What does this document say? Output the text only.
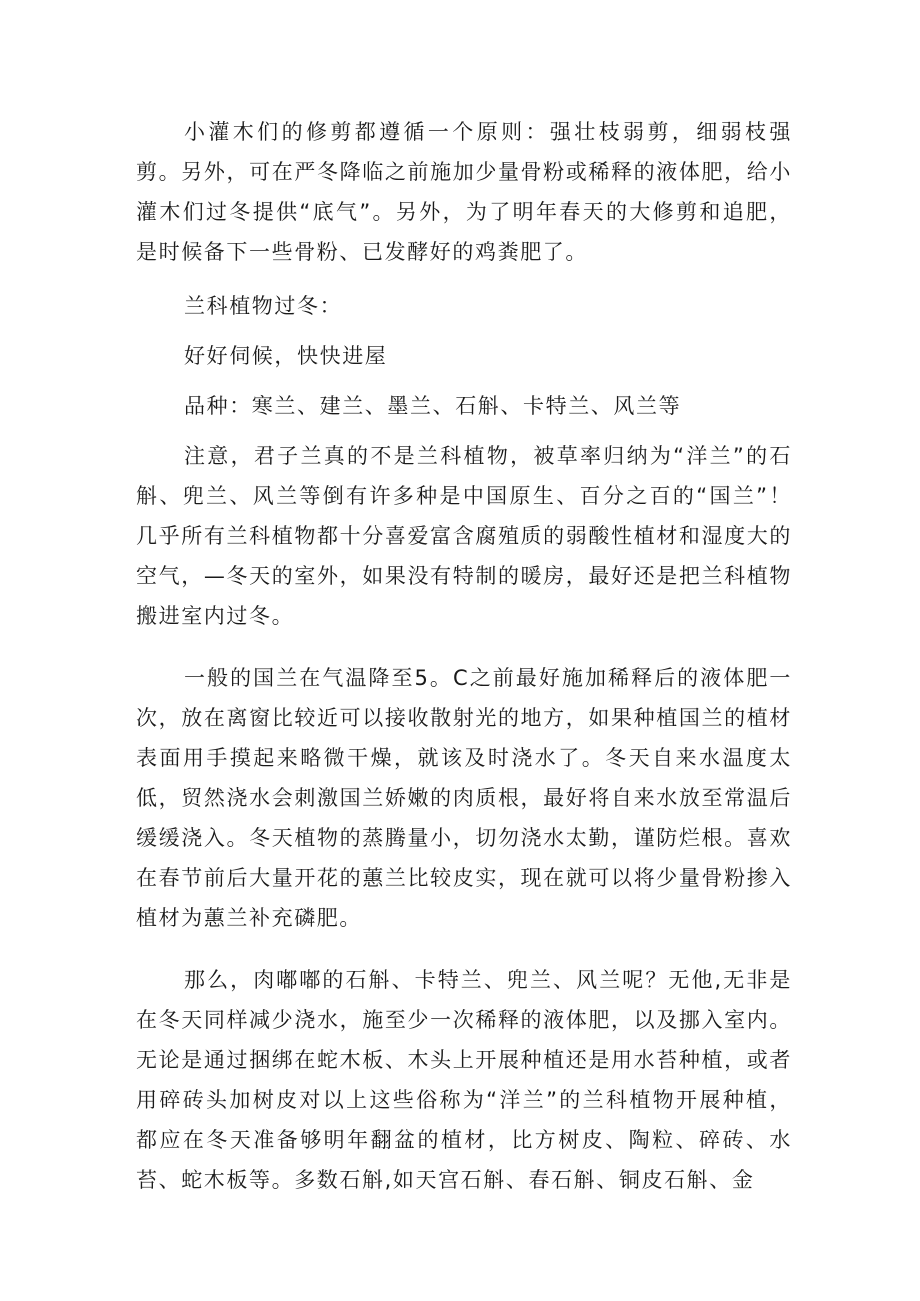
小灌木们的修剪都遵循一个原则：强壮枝弱剪，细弱枝强剪。另外，可在严冬降临之前施加少量骨粉或稀释的液体肥，给小灌木们过冬提供“底气”。另外，为了明年春天的大修剪和追肥，是时候备下一些骨粉、已发酵好的鸡粪肥了。

兰科植物过冬：

好好伺候，快快进屋

品种：寒兰、建兰、墨兰、石斛、卡特兰、风兰等

注意，君子兰真的不是兰科植物，被草率归纳为“洋兰”的石斛、兜兰、风兰等倒有许多种是中国原生、百分之百的“国兰”！几乎所有兰科植物都十分喜爱富含腐殖质的弱酸性植材和湿度大的空气，—冬天的室外，如果没有特制的暖房，最好还是把兰科植物搬进室内过冬。

一般的国兰在气温降至5。C之前最好施加稀释后的液体肥一次，放在离窗比较近可以接收散射光的地方，如果种植国兰的植材表面用手摸起来略微干燥，就该及时浇水了。冬天自来水温度太低，贸然浇水会刺激国兰娇嫩的肉质根，最好将自来水放至常温后缓缓浇入。冬天植物的蒸腾量小，切勿浇水太勤，谨防烂根。喜欢在春节前后大量开花的蕙兰比较皮实，现在就可以将少量骨粉掺入植材为蕙兰补充磷肥。

那么，肉嘟嘟的石斛、卡特兰、兜兰、风兰呢？无他,无非是在冬天同样减少浇水，施至少一次稀释的液体肥，以及挪入室内。无论是通过捆绑在蛇木板、木头上开展种植还是用水苔种植，或者用碎砖头加树皮对以上这些俗称为“洋兰”的兰科植物开展种植，都应在冬天准备够明年翻盆的植材，比方树皮、陶粒、碎砖、水苔、蛇木板等。多数石斛,如天宫石斛、春石斛、铜皮石斛、金
